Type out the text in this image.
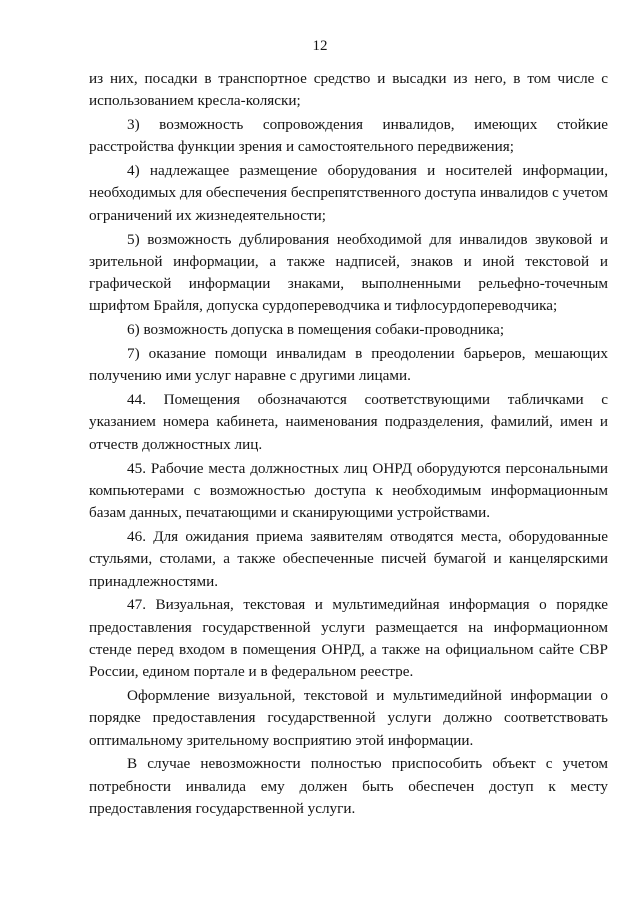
12

из них, посадки в транспортное средство и высадки из него, в том числе с использованием кресла-коляски;

3) возможность сопровождения инвалидов, имеющих стойкие расстройства функции зрения и самостоятельного передвижения;

4) надлежащее размещение оборудования и носителей информации, необходимых для обеспечения беспрепятственного доступа инвалидов с учетом ограничений их жизнедеятельности;

5) возможность дублирования необходимой для инвалидов звуковой и зрительной информации, а также надписей, знаков и иной текстовой и графической информации знаками, выполненными рельефно-точечным шрифтом Брайля, допуска сурдопереводчика и тифлосурдопереводчика;

6) возможность допуска в помещения собаки-проводника;

7) оказание помощи инвалидам в преодолении барьеров, мешающих получению ими услуг наравне с другими лицами.

44. Помещения обозначаются соответствующими табличками с указанием номера кабинета, наименования подразделения, фамилий, имен и отчеств должностных лиц.

45. Рабочие места должностных лиц ОНРД оборудуются персональными компьютерами с возможностью доступа к необходимым информационным базам данных, печатающими и сканирующими устройствами.

46. Для ожидания приема заявителям отводятся места, оборудованные стульями, столами, а также обеспеченные писчей бумагой и канцелярскими принадлежностями.

47. Визуальная, текстовая и мультимедийная информация о порядке предоставления государственной услуги размещается на информационном стенде перед входом в помещения ОНРД, а также на официальном сайте СВР России, едином портале и в федеральном реестре.

Оформление визуальной, текстовой и мультимедийной информации о порядке предоставления государственной услуги должно соответствовать оптимальному зрительному восприятию этой информации.

В случае невозможности полностью приспособить объект с учетом потребности инвалида ему должен быть обеспечен доступ к месту предоставления государственной услуги.
